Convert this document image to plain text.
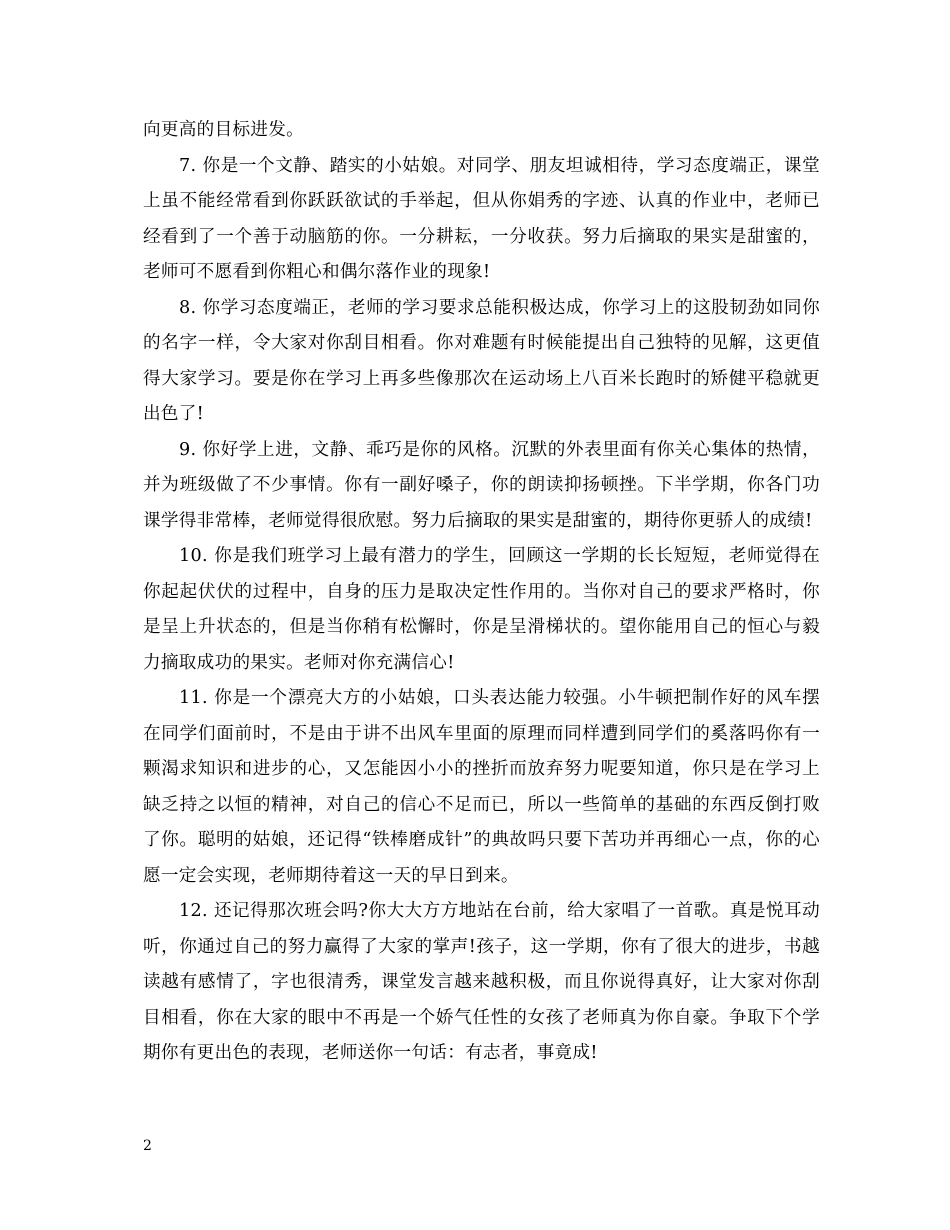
向更高的目标进发。

7. 你是一个文静、踏实的小姑娘。对同学、朋友坦诚相待，学习态度端正，课堂上虽不能经常看到你跃跃欲试的手举起，但从你娟秀的字迹、认真的作业中，老师已经看到了一个善于动脑筋的你。一分耕耘，一分收获。努力后摘取的果实是甜蜜的，老师可不愿看到你粗心和偶尔落作业的现象!

8. 你学习态度端正，老师的学习要求总能积极达成，你学习上的这股韧劲如同你的名字一样，令大家对你刮目相看。你对难题有时候能提出自己独特的见解，这更值得大家学习。要是你在学习上再多些像那次在运动场上八百米长跑时的矫健平稳就更出色了!

9. 你好学上进，文静、乖巧是你的风格。沉默的外表里面有你关心集体的热情，并为班级做了不少事情。你有一副好嗓子，你的朗读抑扬顿挫。下半学期，你各门功课学得非常棒，老师觉得很欣慰。努力后摘取的果实是甜蜜的，期待你更骄人的成绩!

10. 你是我们班学习上最有潜力的学生，回顾这一学期的长长短短，老师觉得在你起起伏伏的过程中，自身的压力是取决定性作用的。当你对自己的要求严格时，你是呈上升状态的，但是当你稍有松懈时，你是呈滑梯状的。望你能用自己的恒心与毅力摘取成功的果实。老师对你充满信心!

11. 你是一个漂亮大方的小姑娘，口头表达能力较强。小牛顿把制作好的风车摆在同学们面前时，不是由于讲不出风车里面的原理而同样遭到同学们的奚落吗你有一颗渴求知识和进步的心，又怎能因小小的挫折而放弃努力呢要知道，你只是在学习上缺乏持之以恒的精神，对自己的信心不足而已，所以一些简单的基础的东西反倒打败了你。聪明的姑娘，还记得“铁棒磨成针”的典故吗只要下苦功并再细心一点，你的心愿一定会实现，老师期待着这一天的早日到来。

12. 还记得那次班会吗?你大大方方地站在台前，给大家唱了一首歌。真是悦耳动听，你通过自己的努力赢得了大家的掌声!孩子，这一学期，你有了很大的进步，书越读越有感情了，字也很清秀，课堂发言越来越积极，而且你说得真好，让大家对你刮目相看，你在大家的眼中不再是一个娇气任性的女孩了老师真为你自豪。争取下个学期你有更出色的表现，老师送你一句话：有志者，事竟成!

2
